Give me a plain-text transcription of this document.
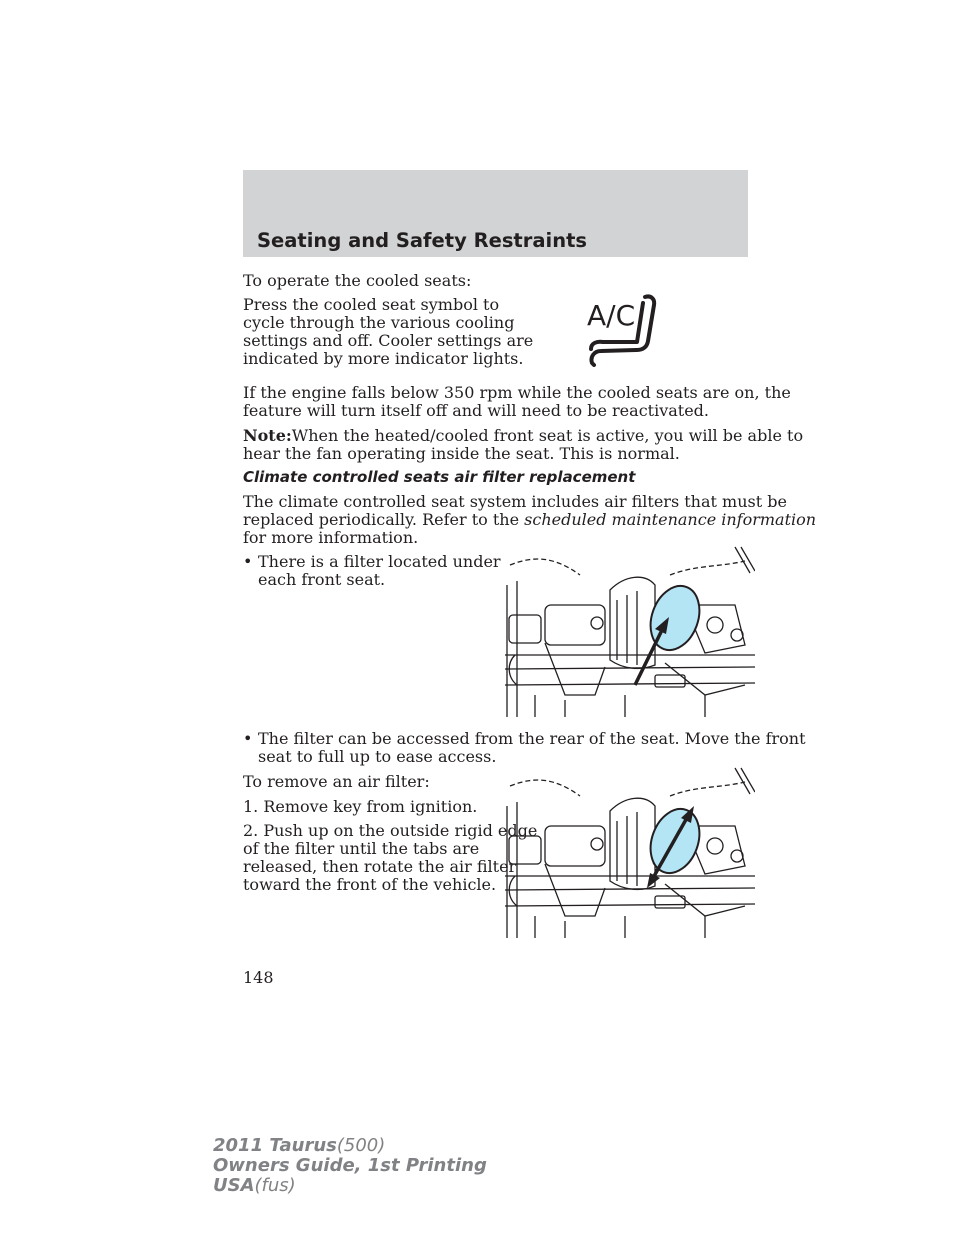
Seating and Safety Restraints

To operate the cooled seats:

Press the cooled seat symbol to

cycle through the various cooling

settings and off. Cooler settings are

indicated by more indicator lights.

A/C

If the engine falls below 350 rpm while the cooled seats are on, the

feature will turn itself off and will need to be reactivated.

Note:When the heated/cooled front seat is active, you will be able to

hear the fan operating inside the seat. This is normal.

Climate controlled seats air filter replacement

The climate controlled seat system includes air filters that must be

replaced periodically. Refer to the scheduled maintenance information

for more information.

• There is a filter located under

each front seat.

• The filter can be accessed from the rear of the seat. Move the front

seat to full up to ease access.

To remove an air filter:

1. Remove key from ignition.

2. Push up on the outside rigid edge

of the filter until the tabs are

released, then rotate the air filter

toward the front of the vehicle.

148
2011 Taurus(500)
Owners Guide, 1st Printing
USA(fus)
